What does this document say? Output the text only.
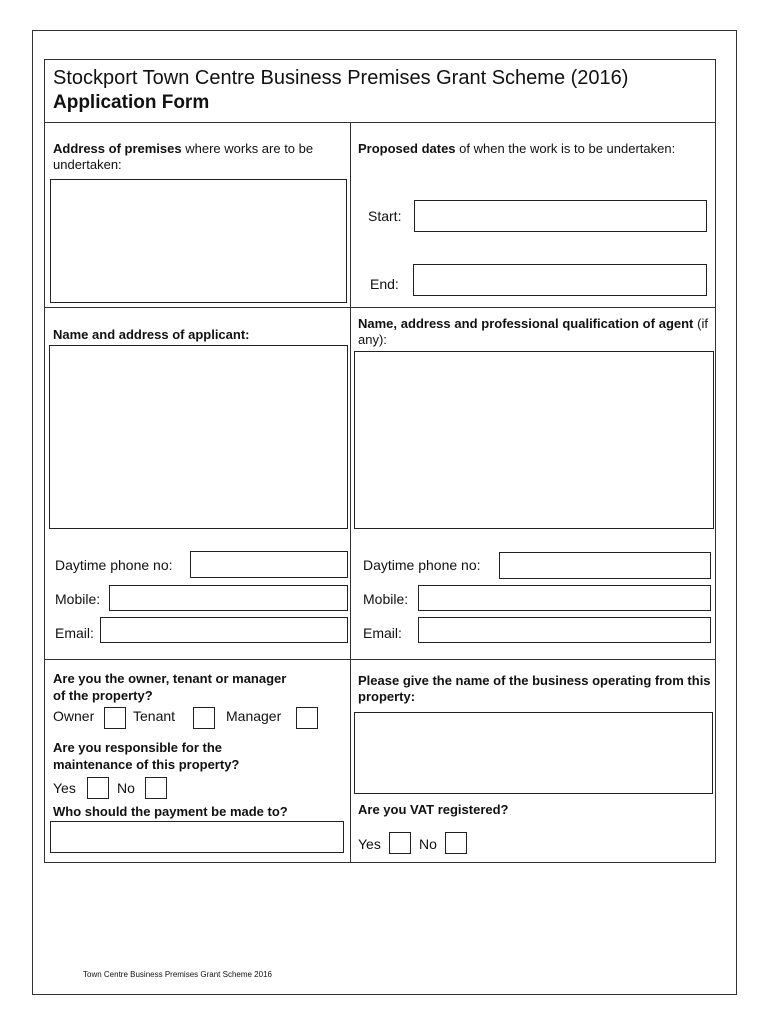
Stockport Town Centre Business Premises Grant Scheme (2016)
Application Form
Address of premises where works are to be undertaken:
Proposed dates of when the work is to be undertaken:
Start:
End:
Name and address of applicant:
Daytime phone no:
Mobile:
Email:
Name, address and professional qualification of agent (if any):
Daytime phone no:
Mobile:
Email:
Are you the owner, tenant or manager of the property?
Owner	Tenant	Manager
Are you responsible for the maintenance of this property?
Yes	No
Who should the payment be made to?
Please give the name of the business operating from this property:
Are you VAT registered?
Yes	No
Town Centre Business Premises Grant Scheme 2016
